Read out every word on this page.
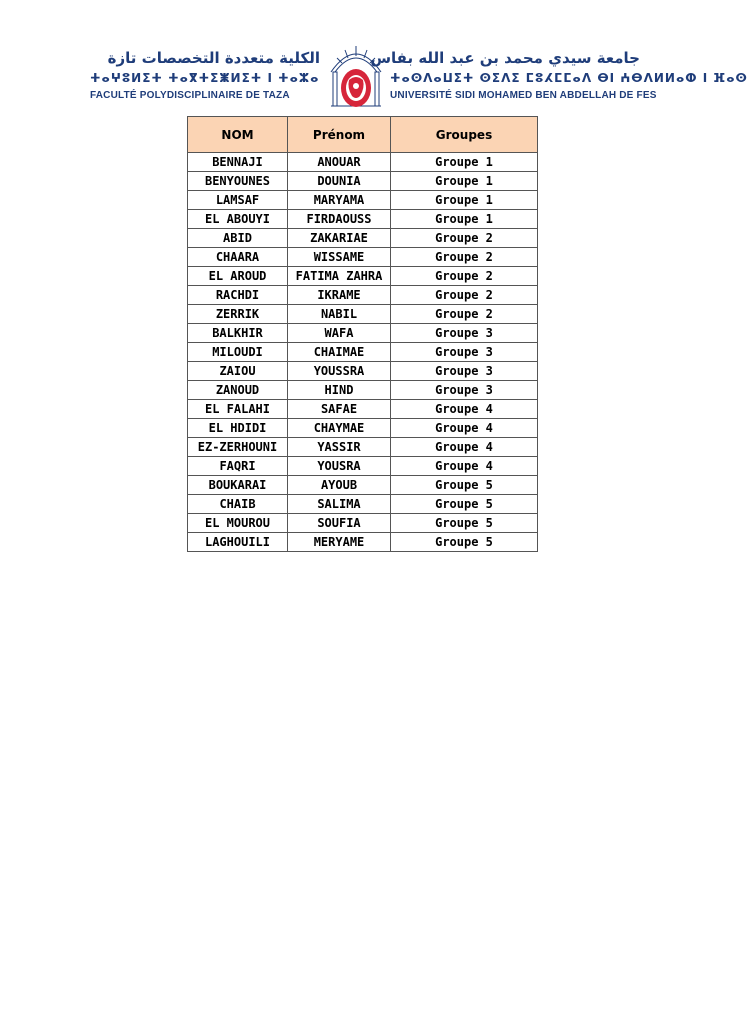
الكلية متعددة التخصصات تازة
ⵜⴰⵖⵓⵍⵉⵜ ⵜⴰⴳⵜⵉⵥⵍⵉⵜ ⵏ ⵜⴰⵣⴰ
FACULTÉ POLYDISCIPLINAIRE DE TAZA
جامعة سيدي محمد بن عبد الله بفاس
ⵜⴰⵙⴷⴰⵡⵉⵜ ⵙⵉⴷⵉ ⵎⵓⵃⵎⵎⴰⴷ ⴱⵏ ⵄⴱⴷⵍⵍⴰⵀ ⵏ ⴼⴰⵙ
UNIVERSITÉ SIDI MOHAMED BEN ABDELLAH DE FES
NOM	Prénom	Groupes
BENNAJI	ANOUAR	Groupe 1
BENYOUNES	DOUNIA	Groupe 1
LAMSAF	MARYAMA	Groupe 1
EL ABOUYI	FIRDAOUSS	Groupe 1
ABID	ZAKARIAE	Groupe 2
CHAARA	WISSAME	Groupe 2
EL AROUD	FATIMA ZAHRA	Groupe 2
RACHDI	IKRAME	Groupe 2
ZERRIK	NABIL	Groupe 2
BALKHIR	WAFA	Groupe 3
MILOUDI	CHAIMAE	Groupe 3
ZAIOU	YOUSSRA	Groupe 3
ZANOUD	HIND	Groupe 3
EL FALAHI	SAFAE	Groupe 4
EL HDIDI	CHAYMAE	Groupe 4
EZ-ZERHOUNI	YASSIR	Groupe 4
FAQRI	YOUSRA	Groupe 4
BOUKARAI	AYOUB	Groupe 5
CHAIB	SALIMA	Groupe 5
EL MOUROU	SOUFIA	Groupe 5
LAGHOUILI	MERYAME	Groupe 5
